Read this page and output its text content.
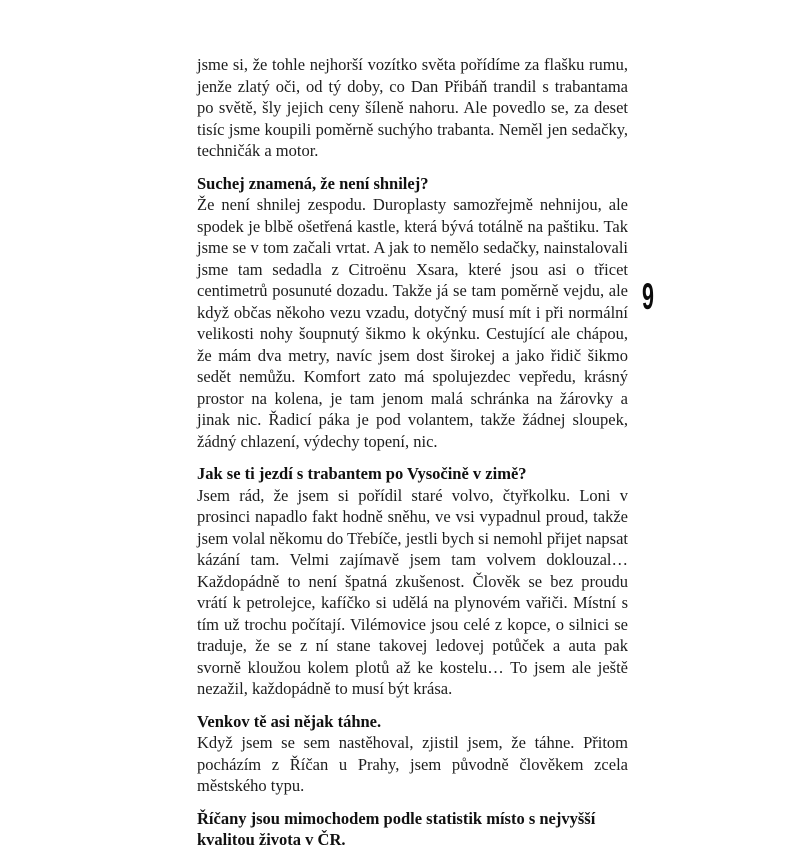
9

jsme si, že tohle nejhorší vozítko světa pořídíme za flašku rumu, jenže zlatý oči, od tý doby, co Dan Přibáň trandil s trabantama po světě, šly jejich ceny šíleně nahoru. Ale povedlo se, za deset tisíc jsme koupili poměrně suchýho trabanta. Neměl jen sedačky, techničák a motor.

Suchej znamená, že není shnilej?

Že není shnilej zespodu. Duroplasty samozřejmě nehnijou, ale spodek je blbě ošetřená kastle, která bývá totálně na paštiku. Tak jsme se v tom začali vrtat. A jak to nemělo sedačky, nainstalovali jsme tam sedadla z Citroënu Xsara, které jsou asi o třicet centimetrů posunuté dozadu. Takže já se tam poměrně vejdu, ale když občas někoho vezu vzadu, dotyčný musí mít i při normální velikosti nohy šoupnutý šikmo k okýnku. Cestující ale chápou, že mám dva metry, navíc jsem dost širokej a jako řidič šikmo sedět nemůžu. Komfort zato má spolujezdec vepředu, krásný prostor na kolena, je tam jenom malá schránka na žárovky a jinak nic. Řadicí páka je pod volantem, takže žádnej sloupek, žádný chlazení, výdechy topení, nic.

Jak se ti jezdí s trabantem po Vysočině v zimě?

Jsem rád, že jsem si pořídil staré volvo, čtyřkolku. Loni v prosinci napadlo fakt hodně sněhu, ve vsi vypadnul proud, takže jsem volal někomu do Třebíče, jestli bych si nemohl přijet napsat kázání tam. Velmi zajímavě jsem tam volvem doklouzal… Každopádně to není špatná zkušenost. Člověk se bez proudu vrátí k petrolejce, kafíčko si udělá na plynovém vařiči. Místní s tím už trochu počítají. Vilémovice jsou celé z kopce, o silnici se traduje, že se z ní stane takovej ledovej potůček a auta pak svorně kloužou kolem plotů až ke kostelu… To jsem ale ještě nezažil, každopádně to musí být krása.

Venkov tě asi nějak táhne.

Když jsem se sem nastěhoval, zjistil jsem, že táhne. Přitom pocházím z Říčan u Prahy, jsem původně člověkem zcela městského typu.

Říčany jsou mimochodem podle statistik místo s nejvyšší kvalitou života v ČR.
